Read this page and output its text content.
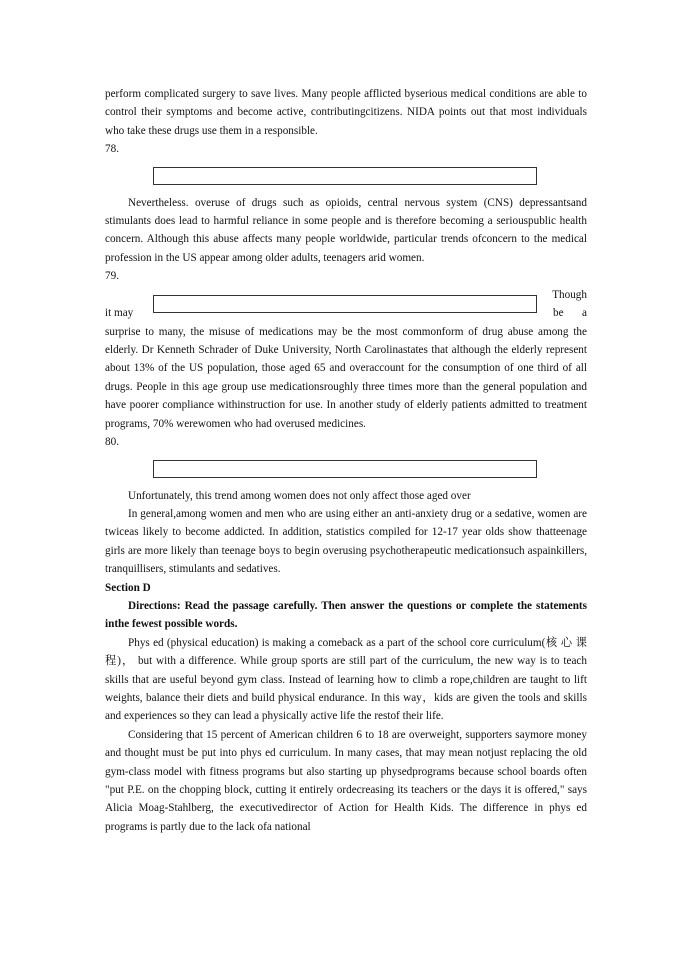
perform complicated surgery to save lives. Many people afflicted byserious medical conditions are able to control their symptoms and become active, contributingcitizens. NIDA points out that most individuals who take these drugs use them in a responsible.

78.

Nevertheless. overuse of drugs such as opioids, central nervous system (CNS) depressantsand stimulants does lead to harmful reliance in some people and is therefore becoming a seriouspublic health concern. Although this abuse affects many people worldwide, particular trends ofconcern to the medical profession in the US appear among older adults, teenagers arid women.

79.
Though
it may	be a

surprise to many, the misuse of medications may be the most commonform of drug abuse among the elderly. Dr Kenneth Schrader of Duke University, North Carolinastates that although the elderly represent about 13% of the US population, those aged 65 and overaccount for the consumption of one third of all drugs. People in this age group use medicationsroughly three times more than the general population and have poorer compliance withinstruction for use. In another study of elderly patients admitted to treatment programs, 70% werewomen who had overused medicines.

80.

Unfortunately, this trend among women does not only affect those aged over

In general,among women and men who are using either an anti-anxiety drug or a sedative, women are twiceas likely to become addicted. In addition, statistics compiled for 12-17 year olds show thatteenage girls are more likely than teenage boys to begin overusing psychotherapeutic medicationsuch aspainkillers, tranquillisers, stimulants and sedatives.

Section D

Directions: Read the passage carefully. Then answer the questions or complete the statements inthe fewest possible words.

Phys ed (physical education) is making a comeback as a part of the school core curriculum(核 心 课 程)， but with a difference. While group sports are still part of the curriculum, the new way is to teach skills that are useful beyond gym class. Instead of learning how to climb a rope,children are taught to lift weights, balance their diets and build physical endurance. In this way，kids are given the tools and skills and experiences so they can lead a physically active life the restof their life.

Considering that 15 percent of American children 6 to 18 are overweight, supporters saymore money and thought must be put into phys ed curriculum. In many cases, that may mean notjust replacing the old gym-class model with fitness programs but also starting up physedprograms because school boards often "put P.E. on the chopping block, cutting it entirely ordecreasing its teachers or the days it is offered," says Alicia Moag-Stahlberg, the executivedirector of Action for Health Kids. The difference in phys ed programs is partly due to the lack ofa national
